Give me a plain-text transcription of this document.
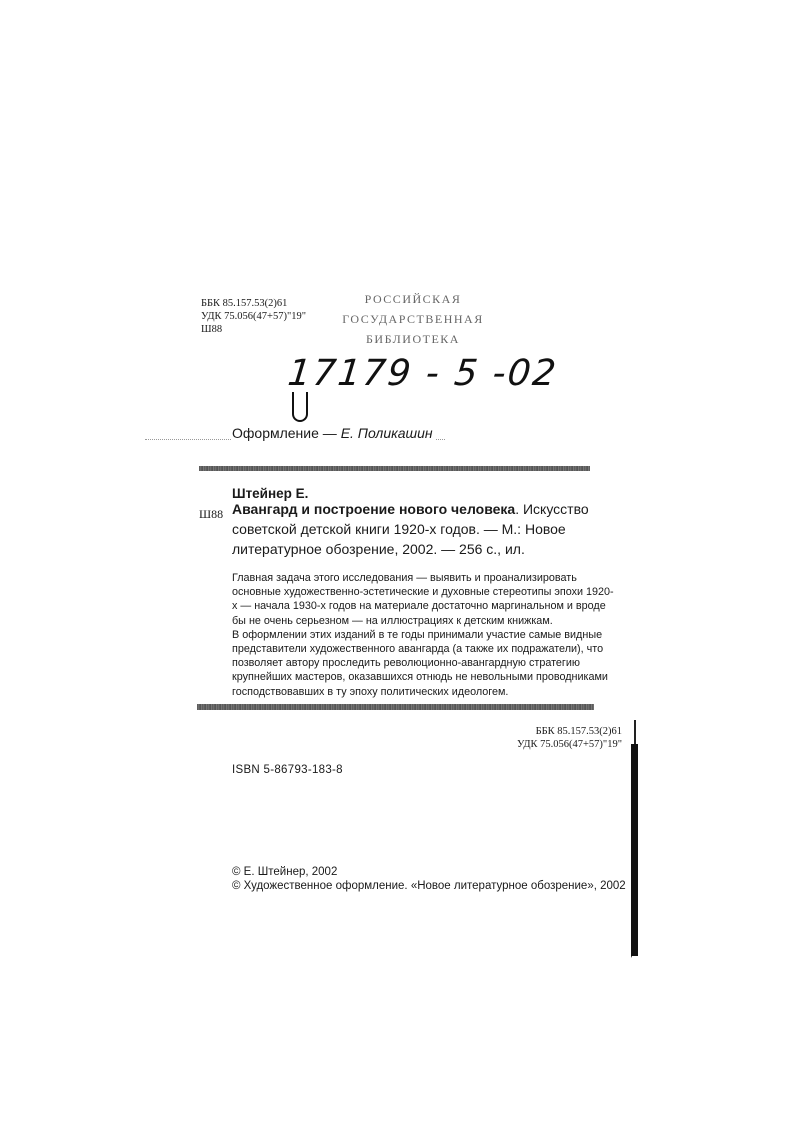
ББК 85.157.53(2)61
УДК 75.056(47+57)"19"
Ш88
РОССИЙСКАЯ
ГОСУДАРСТВЕННАЯ
БИБЛИОТЕКА
17179 - 5 -02
Оформление — Е. Поликашин
Ш88
Штейнер Е.
Авангард и построение нового человека. Искусство советской детской книги 1920-х годов. — М.: Новое литературное обозрение, 2002. — 256 с., ил.

Главная задача этого исследования — выявить и проанализировать основные художественно-эстетические и духовные стереотипы эпохи 1920-х — начала 1930-х годов на материале достаточно маргинальном и вроде бы не очень серьезном — на иллюстрациях к детским книжкам.

В оформлении этих изданий в те годы принимали участие самые видные представители художественного авангарда (а также их подражатели), что позволяет автору проследить революционно-авангардную стратегию крупнейших мастеров, оказавшихся отнюдь не невольными проводниками господствовавших в ту эпоху политических идеологем.

ББК 85.157.53(2)61
УДК 75.056(47+57)"19"
ISBN 5-86793-183-8
© Е. Штейнер, 2002
© Художественное оформление. «Новое литературное обозрение», 2002
